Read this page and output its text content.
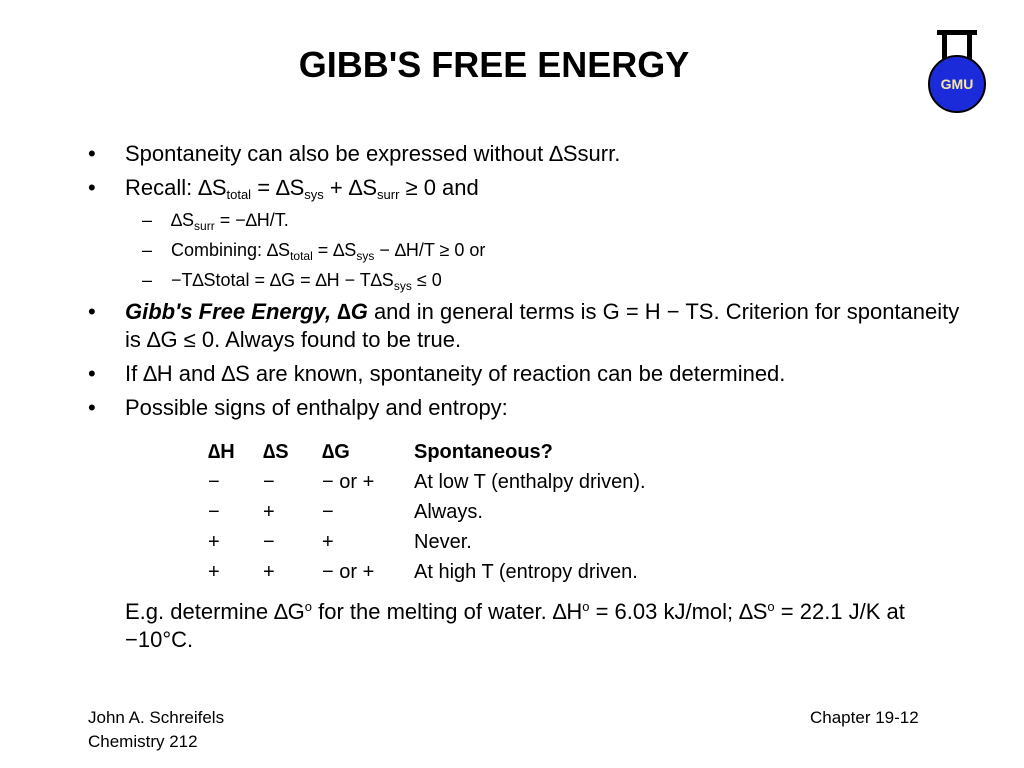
GIBB'S FREE ENERGY	GMU
• Spontaneity can also be expressed without ∆Ssurr.
• Recall: $\Delta S_{total} = \Delta S_{sys} + \Delta S_{surr} \ge 0$ and
– $\Delta S_{surr} = -\Delta H/T$.
– Combining: $\Delta S_{total} = \Delta S_{sys} - \Delta H/T \ge 0$ or
– −T∆Stotal = $\Delta G = \Delta H - T\Delta S_{sys} \le 0$
• Gibb's Free Energy, ∆G and in general terms is G = H − TS. Criterion for spontaneity is ∆G ≤ 0. Always found to be true.
• If ∆H and ∆S are known, spontaneity of reaction can be determined.
• Possible signs of enthalpy and entropy:
∆H ∆S ∆G	Spontaneous?
− − − or + At low T (enthalpy driven).
− + −	Always.
+ − +	Never.
+ + − or + At high T (entropy driven.
E.g. determine $\Delta G^o$ for the melting of water. $\Delta H^o = 6.03$ kJ/mol; $\Delta S^o = 22.1$ J/K at −10°C.
John A. Schreifels
Chemistry 212
Chapter 19-12
